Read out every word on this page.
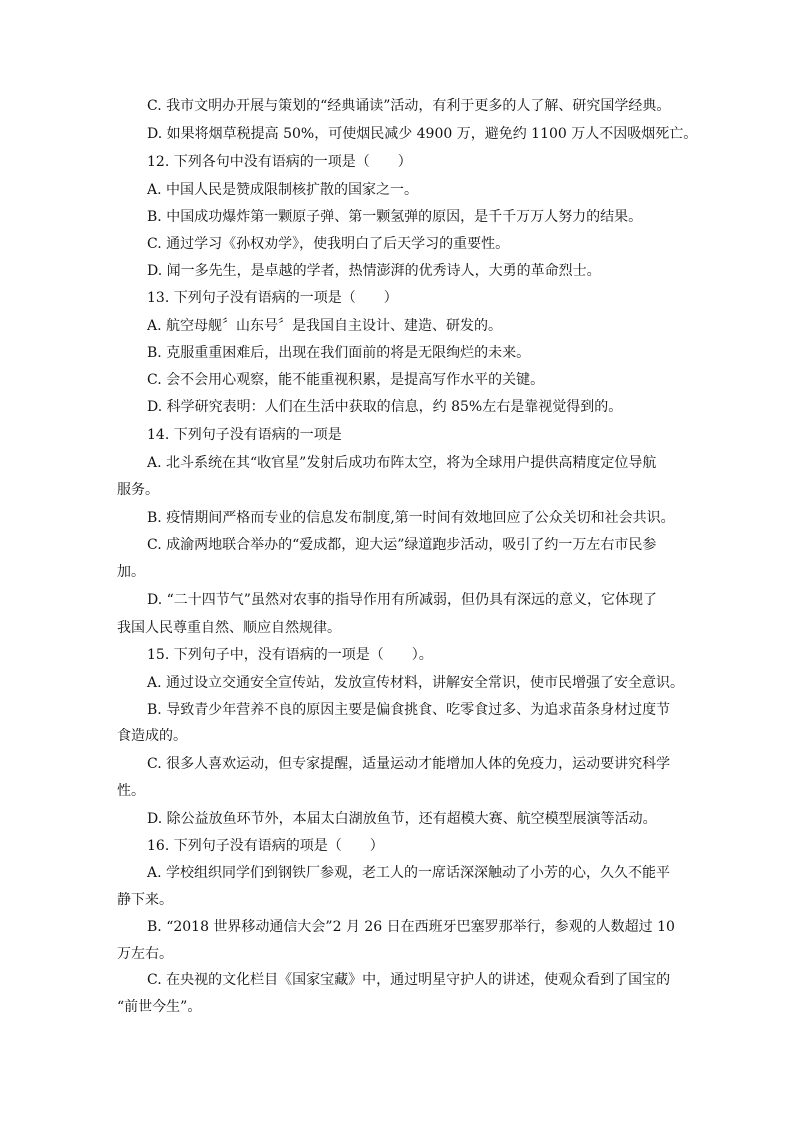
C. 我市文明办开展与策划的“经典诵读”活动，有利于更多的人了解、研究国学经典。
D. 如果将烟草税提高 50%，可使烟民减少 4900 万，避免约 1100 万人不因吸烟死亡。
12. 下列各句中没有语病的一项是（　　）
A. 中国人民是赞成限制核扩散的国家之一。
B. 中国成功爆炸第一颗原子弹、第一颗氢弹的原因，是千千万万人努力的结果。
C. 通过学习《孙权劝学》，使我明白了后天学习的重要性。
D. 闻一多先生，是卓越的学者，热情澎湃的优秀诗人，大勇的革命烈士。
13. 下列句子没有语病的一项是（　　）
A. 航空母舰〞山东号〞是我国自主设计、建造、研发的。
B. 克服重重困难后，出现在我们面前的将是无限绚烂的未来。
C. 会不会用心观察，能不能重视积累，是提高写作水平的关键。
D. 科学研究表明：人们在生活中获取的信息，约 85%左右是靠视觉得到的。
14. 下列句子没有语病的一项是
A. 北斗系统在其“收官星”发射后成功布阵太空，将为全球用户提供高精度定位导航
服务。
B. 疫情期间严格而专业的信息发布制度,第一时间有效地回应了公众关切和社会共识。
C. 成渝两地联合举办的“爱成都，迎大运”绿道跑步活动，吸引了约一万左右市民参
加。
D. “二十四节气”虽然对农事的指导作用有所减弱，但仍具有深远的意义，它体现了
我国人民尊重自然、顺应自然规律。
15. 下列句子中，没有语病的一项是（　　）。
A. 通过设立交通安全宣传站，发放宣传材料，讲解安全常识，使市民增强了安全意识。
B. 导致青少年营养不良的原因主要是偏食挑食、吃零食过多、为追求苗条身材过度节
食造成的。
C. 很多人喜欢运动，但专家提醒，适量运动才能增加人体的免疫力，运动要讲究科学
性。
D. 除公益放鱼环节外，本届太白湖放鱼节，还有超模大赛、航空模型展演等活动。
16. 下列句子没有语病的项是（　　）
A. 学校组织同学们到钢铁厂参观，老工人的一席话深深触动了小芳的心，久久不能平
静下来。
B. “2018 世界移动通信大会”2 月 26 日在西班牙巴塞罗那举行，参观的人数超过 10
万左右。
C. 在央视的文化栏目《国家宝藏》中，通过明星守护人的讲述，使观众看到了国宝的
“前世今生”。
